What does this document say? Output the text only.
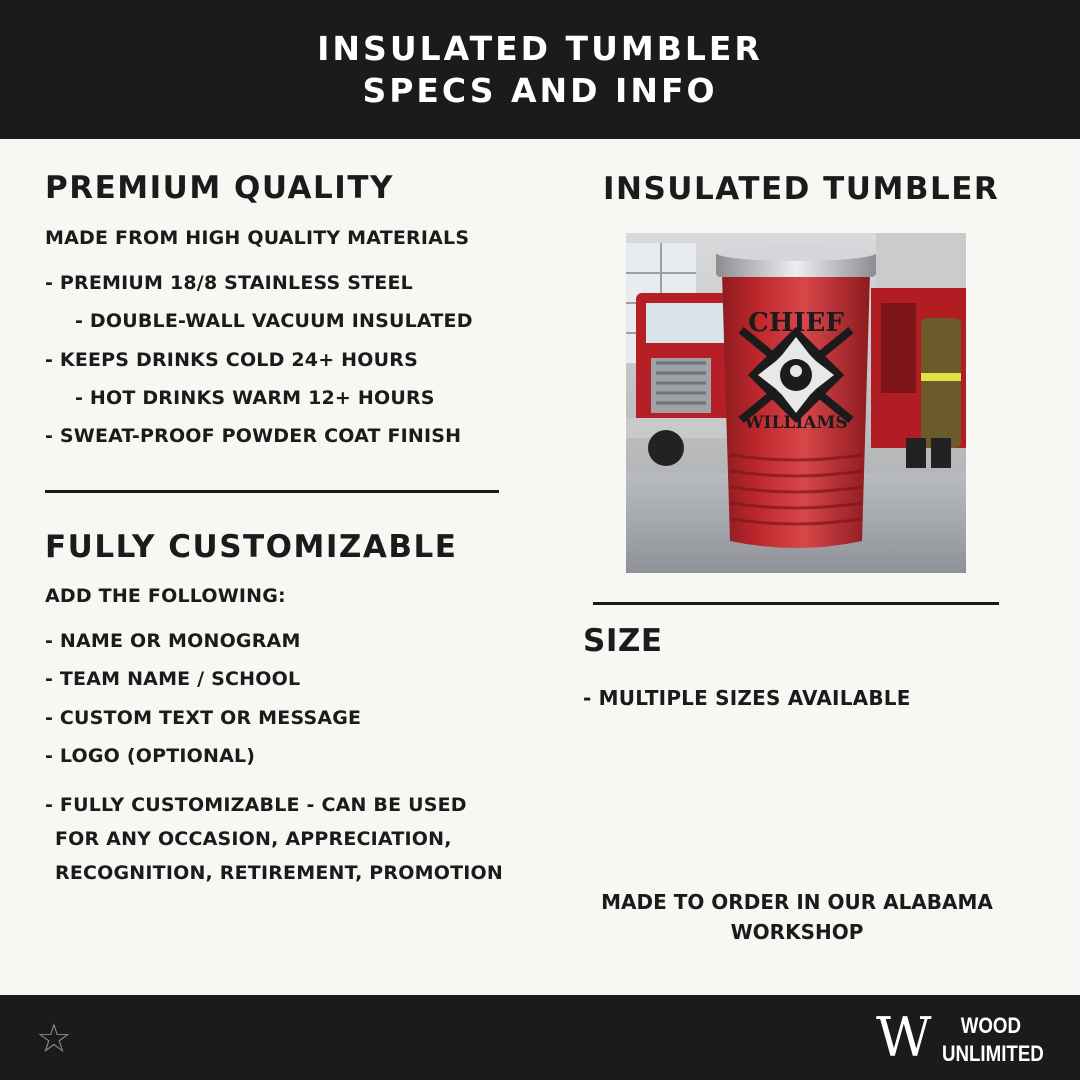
INSULATED TUMBLER
SPECS AND INFO
PREMIUM QUALITY
MADE FROM HIGH QUALITY MATERIALS
- PREMIUM 18/8 STAINLESS STEEL
- DOUBLE-WALL VACUUM INSULATED
- KEEPS DRINKS COLD 24+ HOURS
- HOT DRINKS WARM 12+ HOURS
- SWEAT-PROOF POWDER COAT FINISH
FULLY CUSTOMIZABLE
ADD THE FOLLOWING:
- NAME OR MONOGRAM
- TEAM NAME / SCHOOL
- CUSTOM TEXT OR MESSAGE
- LOGO (OPTIONAL)
- FULLY CUSTOMIZABLE - CAN BE USED
FOR ANY OCCASION, APPRECIATION,
RECOGNITION, RETIREMENT, PROMOTION
INSULATED TUMBLER
CHIEF
WILLIAMS
SIZE
- MULTIPLE SIZES AVAILABLE
MADE TO ORDER IN OUR ALABAMA
WORKSHOP
☆	W	WOOD
UNLIMITED
